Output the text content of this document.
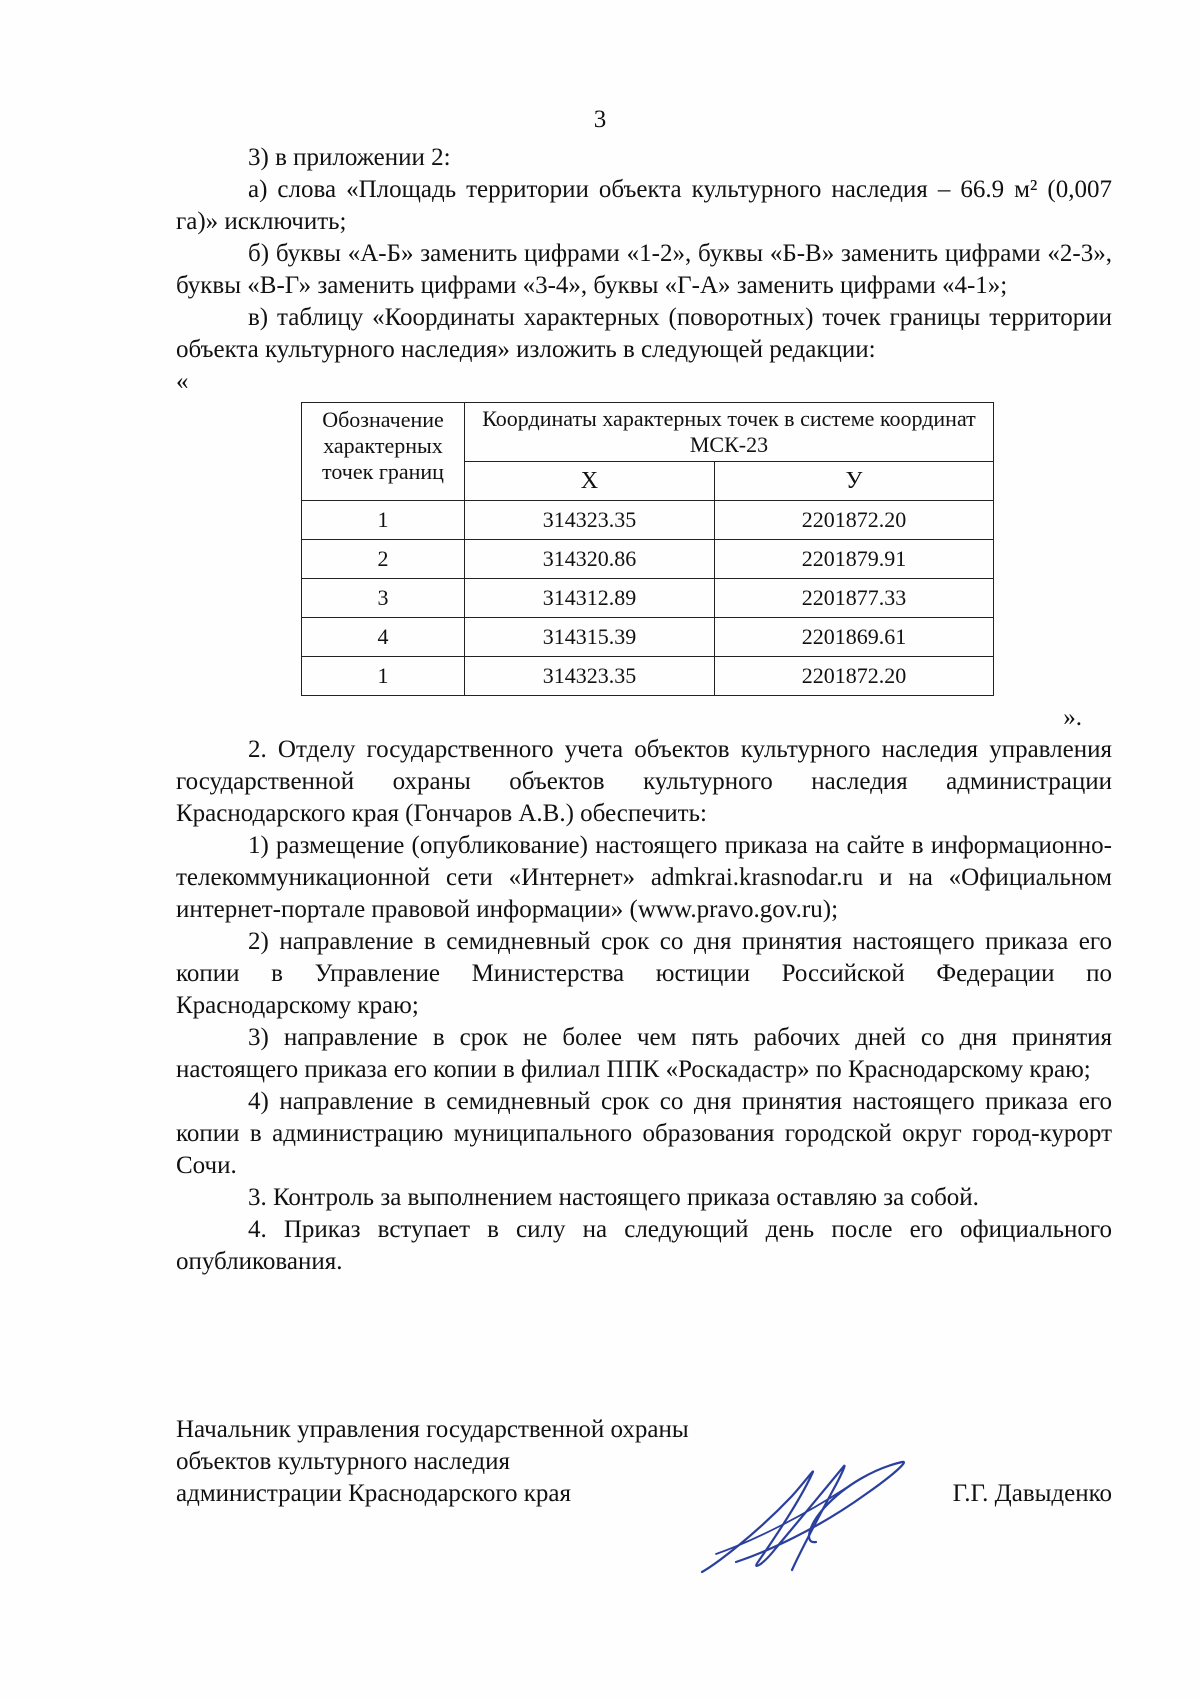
3

3) в приложении 2:

а) слова «Площадь территории объекта культурного наследия – 66.9 м² (0,007 га)» исключить;

б) буквы «А-Б» заменить цифрами «1-2», буквы «Б-В» заменить цифрами «2-3», буквы «В-Г» заменить цифрами «3-4», буквы «Г-А» заменить цифрами «4-1»;

в) таблицу «Координаты характерных (поворотных) точек границы территории объекта культурного наследия» изложить в следующей редакции:

«

Обозначение характерных точек границ	Координаты характерных точек в системе координат МСК-23	
	X	У
1	314323.35	2201872.20
2	314320.86	2201879.91
3	314312.89	2201877.33
4	314315.39	2201869.61
1	314323.35	2201872.20

».

2. Отделу государственного учета объектов культурного наследия управления государственной охраны объектов культурного наследия администрации Краснодарского края (Гончаров А.В.) обеспечить:

1) размещение (опубликование) настоящего приказа на сайте в информационно-телекоммуникационной сети «Интернет» admkrai.krasnodar.ru и на «Официальном интернет-портале правовой информации» (www.pravo.gov.ru);

2) направление в семидневный срок со дня принятия настоящего приказа его копии в Управление Министерства юстиции Российской Федерации по Краснодарскому краю;

3) направление в срок не более чем пять рабочих дней со дня принятия настоящего приказа его копии в филиал ППК «Роскадастр» по Краснодарскому краю;

4) направление в семидневный срок со дня принятия настоящего приказа его копии в администрацию муниципального образования городской округ город-курорт Сочи.

3. Контроль за выполнением настоящего приказа оставляю за собой.

4. Приказ вступает в силу на следующий день после его официального опубликования.

Начальник управления государственной охраны
объектов культурного наследия
администрации Краснодарского края	Г.Г. Давыденко
